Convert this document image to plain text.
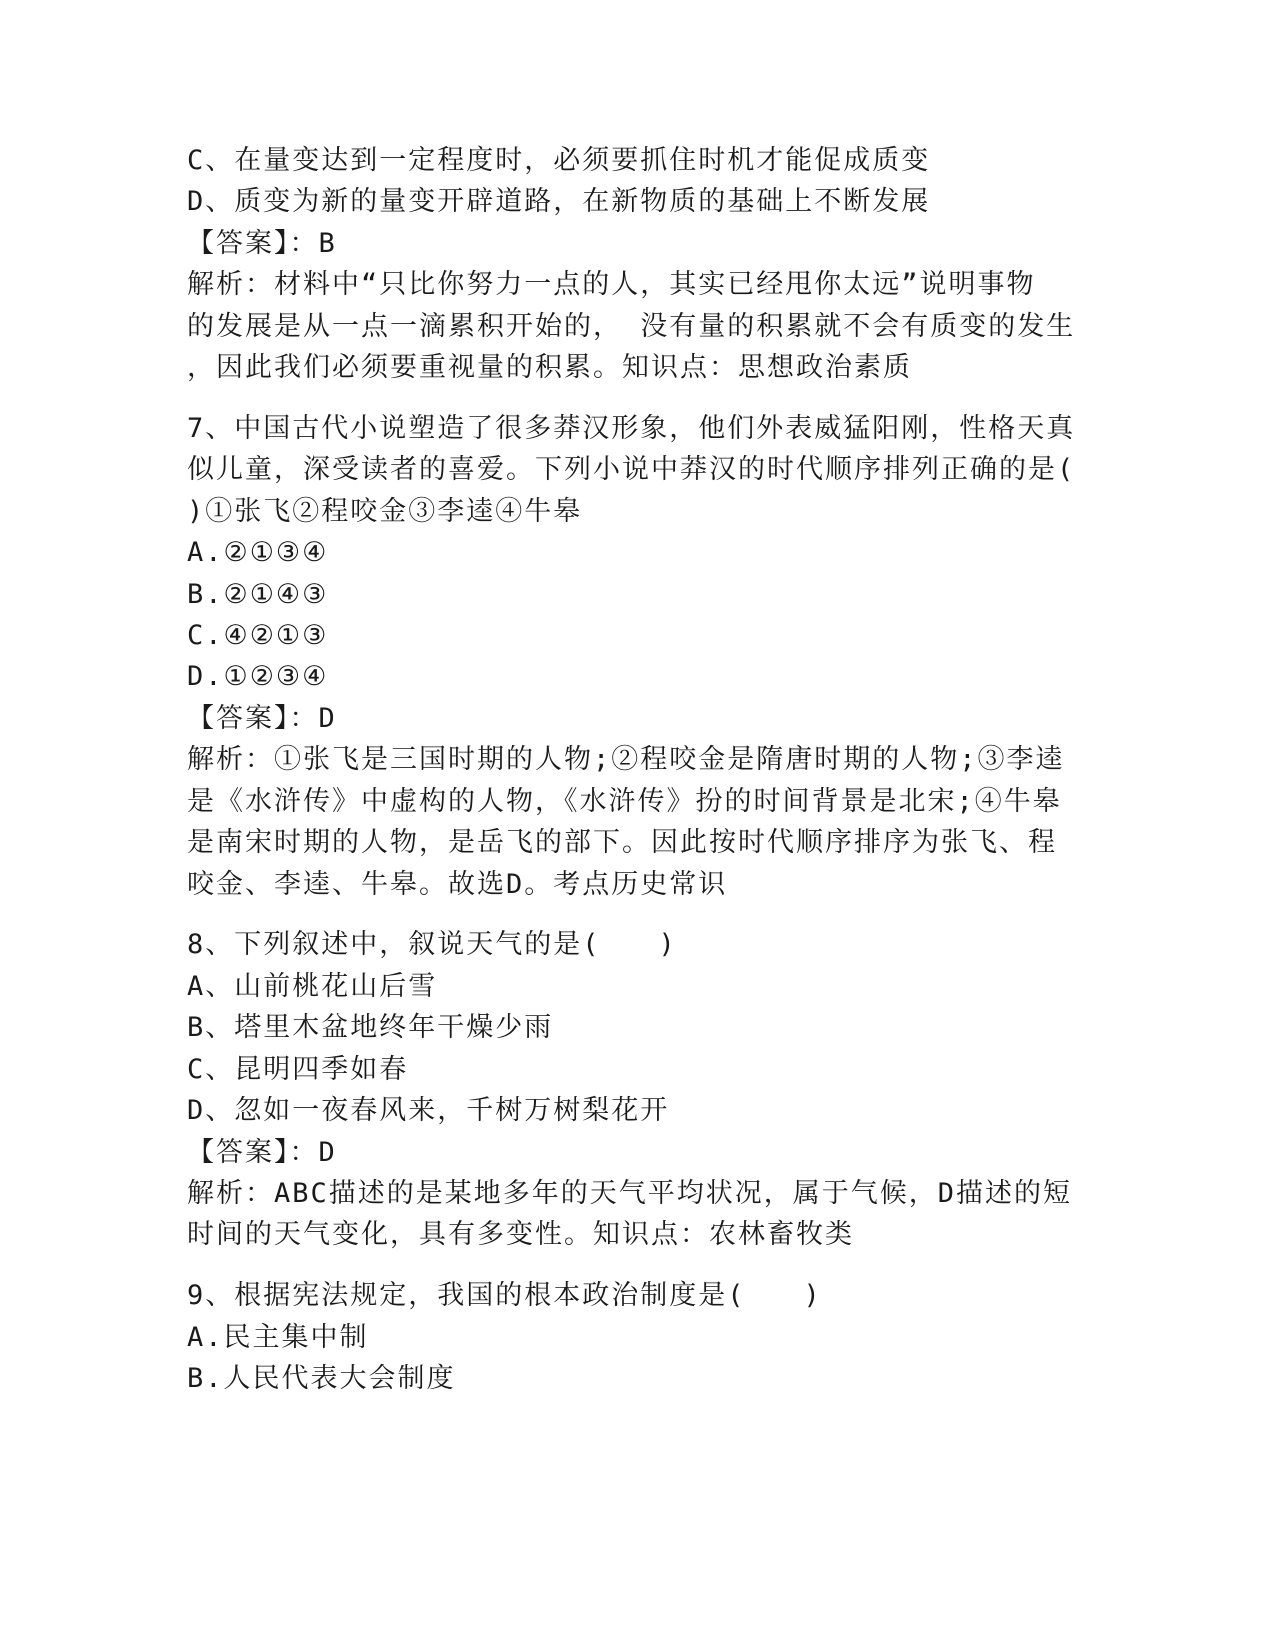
C、在量变达到一定程度时，必须要抓住时机才能促成质变
D、质变为新的量变开辟道路，在新物质的基础上不断发展
【答案】：B
解析：材料中“只比你努力一点的人，其实已经甩你太远”说明事物
的发展是从一点一滴累积开始的， 没有量的积累就不会有质变的发生
，因此我们必须要重视量的积累。知识点：思想政治素质
7、中国古代小说塑造了很多莽汉形象，他们外表威猛阳刚，性格天真
似儿童，深受读者的喜爱。下列小说中莽汉的时代顺序排列正确的是(
)①张飞②程咬金③李逵④牛皋
A.②①③④
B.②①④③
C.④②①③
D.①②③④
【答案】：D
解析：①张飞是三国时期的人物;②程咬金是隋唐时期的人物;③李逵
是《水浒传》中虚构的人物，《水浒传》扮的时间背景是北宋;④牛皋
是南宋时期的人物，是岳飞的部下。因此按时代顺序排序为张飞、程
咬金、李逵、牛皋。故选D。考点历史常识
8、下列叙述中，叙说天气的是(　　)
A、山前桃花山后雪
B、塔里木盆地终年干燥少雨
C、昆明四季如春
D、忽如一夜春风来，千树万树梨花开
【答案】：D
解析：ABC描述的是某地多年的天气平均状况，属于气候，D描述的短
时间的天气变化，具有多变性。知识点：农林畜牧类
9、根据宪法规定，我国的根本政治制度是(　　)
A.民主集中制
B.人民代表大会制度
